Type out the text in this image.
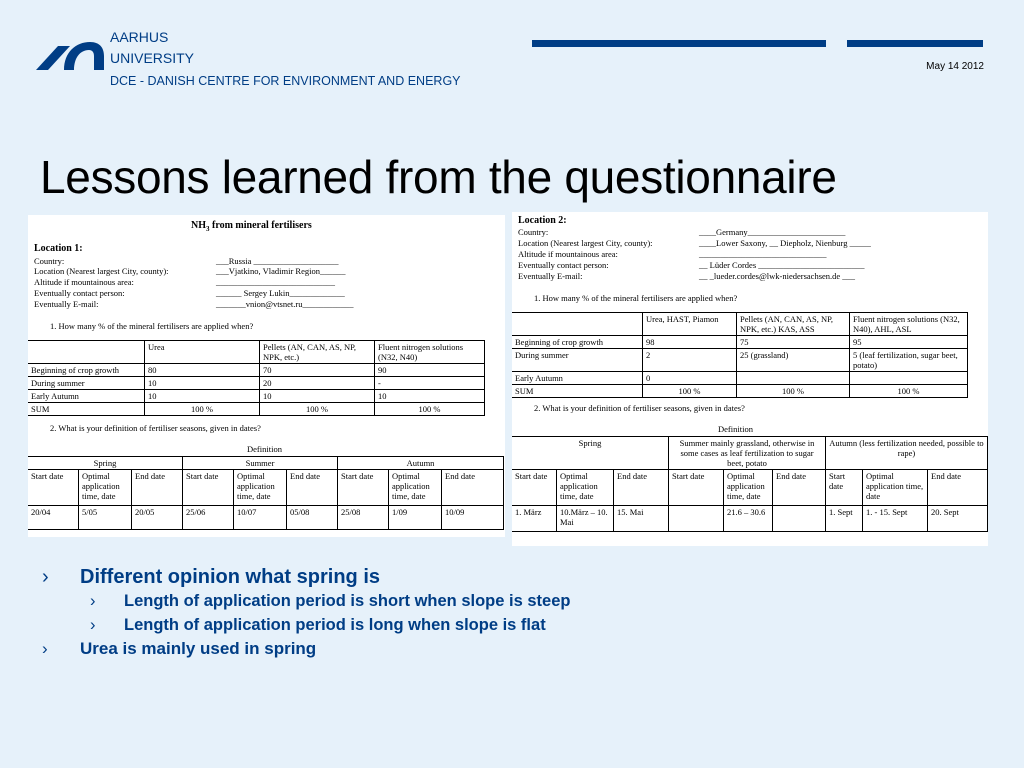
AARHUS
UNIVERSITY
DCE - DANISH CENTRE FOR ENVIRONMENT AND ENERGY
May 14 2012
Lessons learned from the questionnaire
$NH_3$ from mineral fertilisers
Location 1:
Country:	___Russia ____________________
Location (Nearest largest City, county):	___Vjatkino, Vladimir Region______
Altitude if mountainous area:	____________________________
Eventually contact person:	______ Sergey Lukin_____________
Eventually E-mail:	_______vnion@vtsnet.ru____________
1. How many % of the mineral fertilisers are applied when?
	Urea	Pellets (AN, CAN, AS, NP, NPK, etc.)	Fluent nitrogen solutions (N32, N40)
Beginning of crop growth	80	70	90
During summer	10	20	-
Early Autumn	10	10	10
SUM	100 %	100 %	100 %
2. What is your definition of fertiliser seasons, given in dates?
Definition
Spring			Summer			Autumn		
Start date	Optimal application time, date	End date	Start date	Optimal application time, date	End date	Start date	Optimal application time, date	End date
20/04	5/05	20/05	25/06	10/07	05/08	25/08	1/09	10/09
Location 2:
Country:	____Germany_______________________
Location (Nearest largest City, county):	____Lower Saxony, __ Diepholz, Nienburg _____
Altitude if mountainous area:	______________________________
Eventually contact person:	__ Lüder Cordes _________________________
Eventually E-mail:	__ _lueder.cordes@lwk-niedersachsen.de ___
1. How many % of the mineral fertilisers are applied when?
	Urea, HAST, Piamon	Pellets (AN, CAN, AS, NP, NPK, etc.) KAS, ASS	Fluent nitrogen solutions (N32, N40), AHL, ASL
Beginning of crop growth	98	75	95
During summer	2	25 (grassland)	5 (leaf fertilization, sugar beet, potato)
Early Autumn	0		
SUM	100 %	100 %	100 %
2. What is your definition of fertiliser seasons, given in dates?
Definition
Spring			Summer mainly grassland, otherwise in some cases as leaf fertilization to sugar beet, potato			Autumn (less fertilization needed, possible to rape)		
Start date	Optimal application time, date	End date	Start date	Optimal application time, date	End date	Start date	Optimal application time, date	End date
1. März	10.März – 10. Mai	15. Mai		21.6 – 30.6		1. Sept	1. - 15. Sept	20. Sept
› Different opinion what spring is
› Length of application period is short when slope is steep
› Length of application period is long when slope is flat
› Urea is mainly used in spring
